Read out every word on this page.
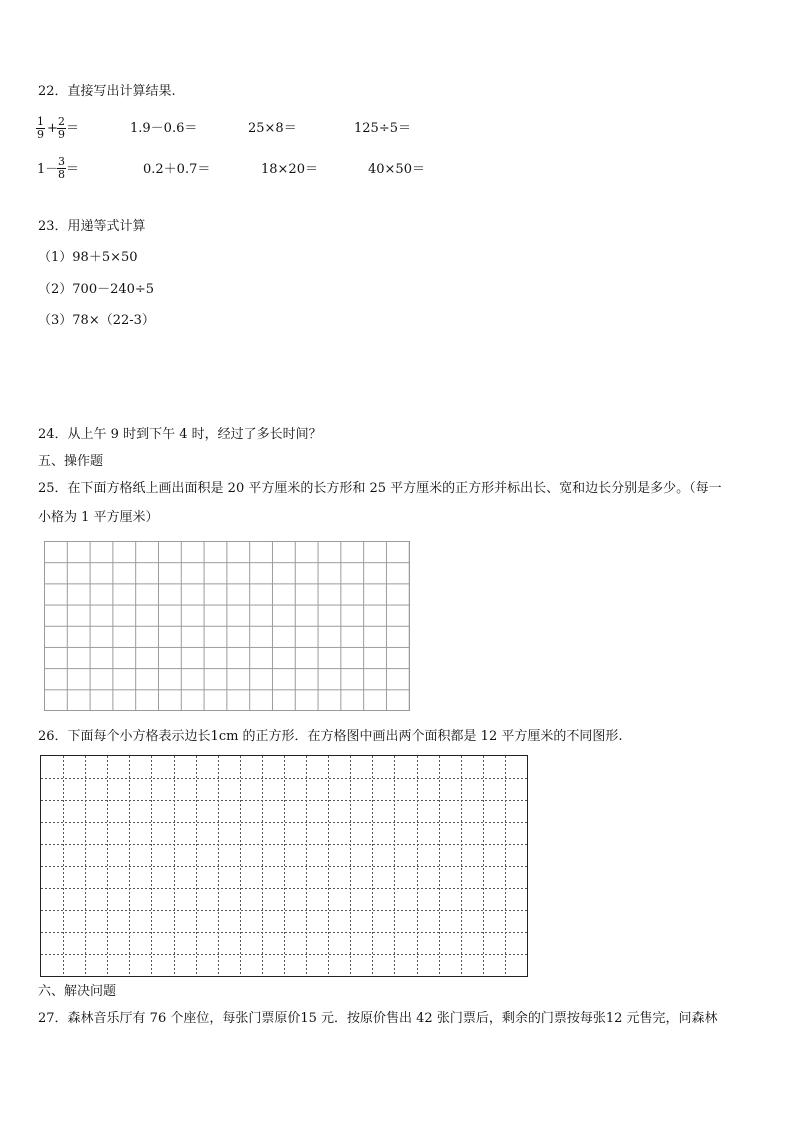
22．直接写出计算结果.
$\frac{1}{9} + \frac{2}{9}$ ＝	1.9－0.6＝	25×8＝	125÷5＝
1－
$\frac{3}{8}$ ＝	0.2＋0.7＝	18×20＝	40×50＝
23．用递等式计算
（1）98＋5×50
（2）700－240÷5
（3）78×（22-3）
24．从上午 9 时到下午 4 时，经过了多长时间？
五、操作题
25．在下面方格纸上画出面积是 20 平方厘米的长方形和 25 平方厘米的正方形并标出长、宽和边长分别是多少。（每一
小格为 1 平方厘米）
26．下面每个小方格表示边长1cm 的正方形．在方格图中画出两个面积都是 12 平方厘米的不同图形.
六、解决问题
27．森林音乐厅有 76 个座位，每张门票原价15 元．按原价售出 42 张门票后，剩余的门票按每张12 元售完，问森林
